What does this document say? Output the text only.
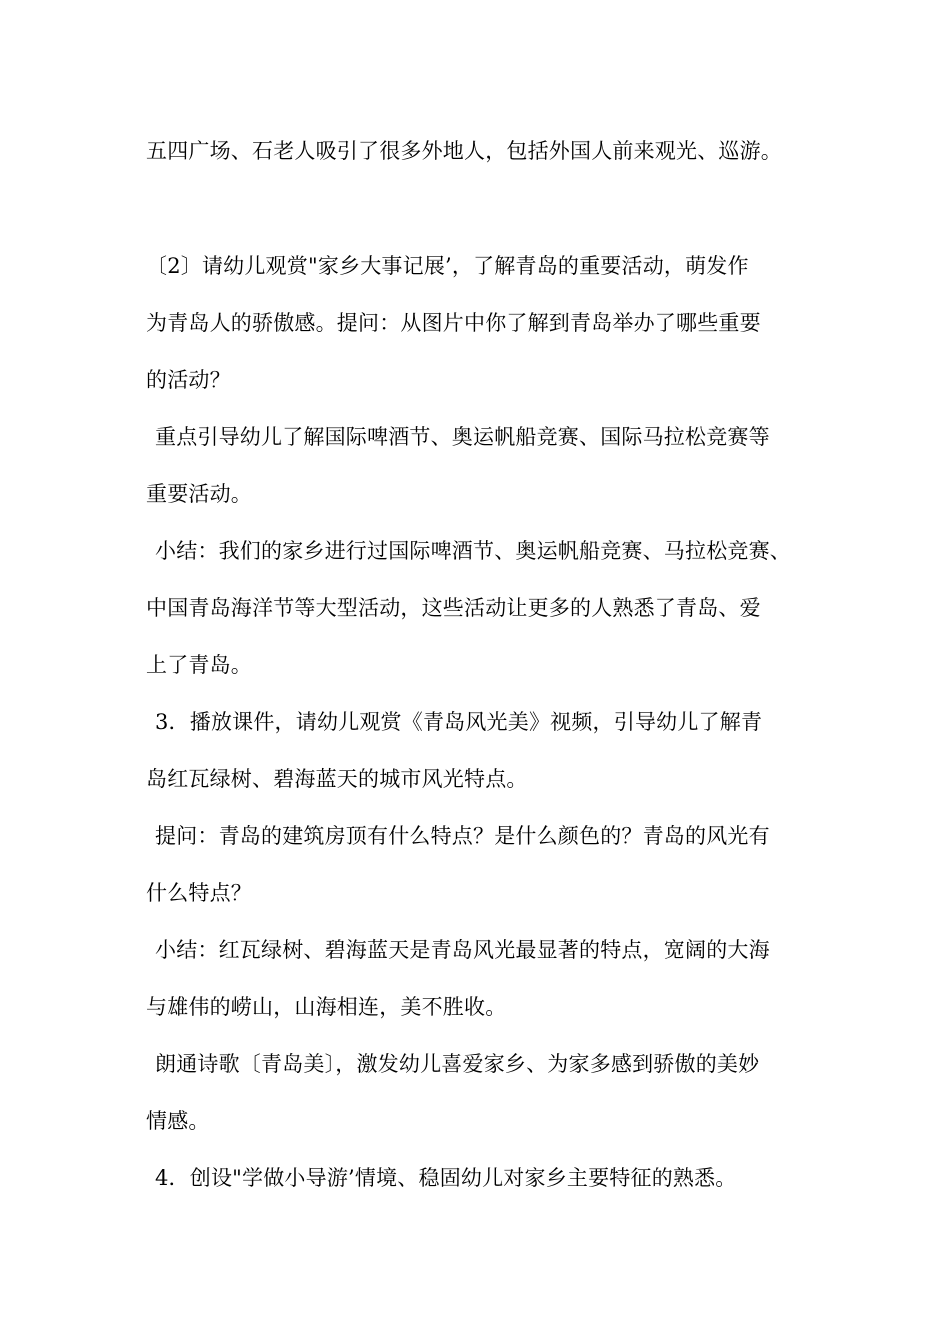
五四广场、石老人吸引了很多外地人，包括外国人前来观光、巡游。
〔2〕请幼儿观赏"家乡大事记展’，了解青岛的重要活动，萌发作
为青岛人的骄傲感。提问：从图片中你了解到青岛举办了哪些重要
的活动？
重点引导幼儿了解国际啤酒节、奥运帆船竞赛、国际马拉松竞赛等
重要活动。
小结：我们的家乡进行过国际啤酒节、奥运帆船竞赛、马拉松竞赛、
中国青岛海洋节等大型活动，这些活动让更多的人熟悉了青岛、爱
上了青岛。
3．播放课件，请幼儿观赏《青岛风光美》视频，引导幼儿了解青
岛红瓦绿树、碧海蓝天的城市风光特点。
提问：青岛的建筑房顶有什么特点？是什么颜色的？青岛的风光有
什么特点？
小结：红瓦绿树、碧海蓝天是青岛风光最显著的特点，宽阔的大海
与雄伟的崂山，山海相连，美不胜收。
朗通诗歌〔青岛美〕，激发幼儿喜爱家乡、为家多感到骄傲的美妙
情感。
4．创设"学做小导游’情境、稳固幼儿对家乡主要特征的熟悉。
